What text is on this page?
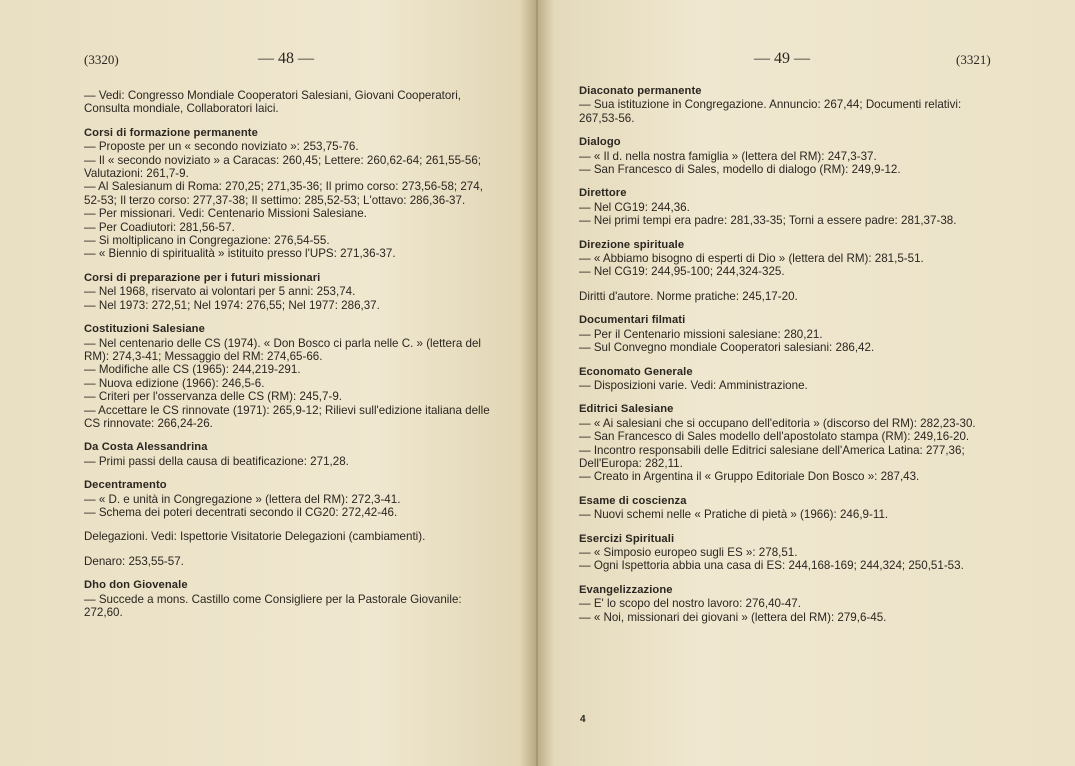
(3320)	— 48 —
— Vedi: Congresso Mondiale Cooperatori Salesiani, Giovani Cooperatori, Consulta mondiale, Collaboratori laici.
Corsi di formazione permanente
— Proposte per un « secondo noviziato »: 253,75-76.
— Il « secondo noviziato » a Caracas: 260,45; Lettere: 260,62-64; 261,55-56; Valutazioni: 261,7-9.
— Al Salesianum di Roma: 270,25; 271,35-36; Il primo corso: 273,56-58; 274, 52-53; Il terzo corso: 277,37-38; Il settimo: 285,52-53; L'ottavo: 286,36-37.
— Per missionari. Vedi: Centenario Missioni Salesiane.
— Per Coadiutori: 281,56-57.
— Si moltiplicano in Congregazione: 276,54-55.
— « Biennio di spiritualità » istituito presso l'UPS: 271,36-37.
Corsi di preparazione per i futuri missionari
— Nel 1968, riservato ai volontari per 5 anni: 253,74.
— Nel 1973: 272,51; Nel 1974: 276,55; Nel 1977: 286,37.
Costituzioni Salesiane
— Nel centenario delle CS (1974). « Don Bosco ci parla nelle C. » (lettera del RM): 274,3-41; Messaggio del RM: 274,65-66.
— Modifiche alle CS (1965): 244,219-291.
— Nuova edizione (1966): 246,5-6.
— Criteri per l'osservanza delle CS (RM): 245,7-9.
— Accettare le CS rinnovate (1971): 265,9-12; Rilievi sull'edizione italiana delle CS rinnovate: 266,24-26.
Da Costa Alessandrina
— Primi passi della causa di beatificazione: 271,28.
Decentramento
— « D. e unità in Congregazione » (lettera del RM): 272,3-41.
— Schema dei poteri decentrati secondo il CG20: 272,42-46.
Delegazioni. Vedi: Ispettorie Visitatorie Delegazioni (cambiamenti).
Denaro: 253,55-57.
Dho don Giovenale
— Succede a mons. Castillo come Consigliere per la Pastorale Giovanile: 272,60.
— 49 —	(3321)
Diaconato permanente
— Sua istituzione in Congregazione. Annuncio: 267,44; Documenti relativi: 267,53-56.
Dialogo
— « Il d. nella nostra famiglia » (lettera del RM): 247,3-37.
— San Francesco di Sales, modello di dialogo (RM): 249,9-12.
Direttore
— Nel CG19: 244,36.
— Nei primi tempi era padre: 281,33-35; Torni a essere padre: 281,37-38.
Direzione spirituale
— « Abbiamo bisogno di esperti di Dio » (lettera del RM): 281,5-51.
— Nel CG19: 244,95-100; 244,324-325.
Diritti d'autore. Norme pratiche: 245,17-20.
Documentari filmati
— Per il Centenario missioni salesiane: 280,21.
— Sul Convegno mondiale Cooperatori salesiani: 286,42.
Economato Generale
— Disposizioni varie. Vedi: Amministrazione.
Editrici Salesiane
— « Ai salesiani che si occupano dell'editoria » (discorso del RM): 282,23-30.
— San Francesco di Sales modello dell'apostolato stampa (RM): 249,16-20.
— Incontro responsabili delle Editrici salesiane dell'America Latina: 277,36; Dell'Europa: 282,11.
— Creato in Argentina il « Gruppo Editoriale Don Bosco »: 287,43.
Esame di coscienza
— Nuovi schemi nelle « Pratiche di pietà » (1966): 246,9-11.
Esercizi Spirituali
— « Simposio europeo sugli ES »: 278,51.
— Ogni Ispettoria abbia una casa di ES: 244,168-169; 244,324; 250,51-53.
Evangelizzazione
— E' lo scopo del nostro lavoro: 276,40-47.
— « Noi, missionari dei giovani » (lettera del RM): 279,6-45.
4
